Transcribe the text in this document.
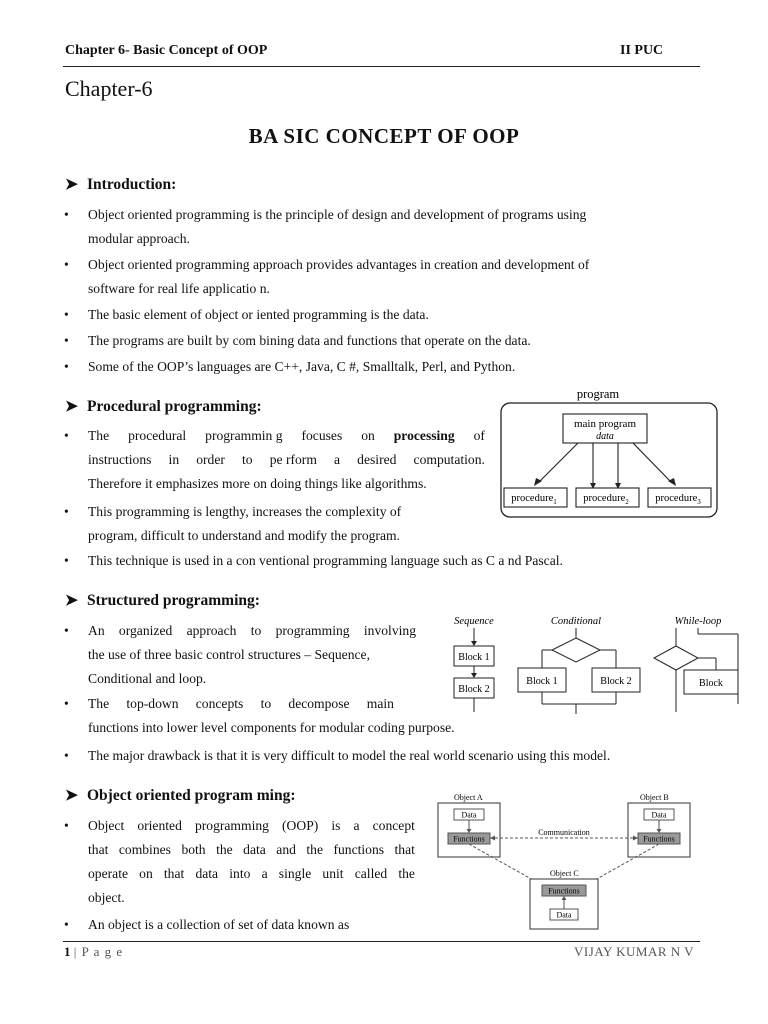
Chapter 6- Basic Concept of OOP	II PUC
Chapter-6
BA SIC CONCEPT OF OOP
➤ Introduction:
• Object oriented programming is the principle of design and development of programs using
modular approach.
• Object oriented programming approach provides advantages in creation and development of
software for real life applicatio n.
• The basic element of object or iented programming is the data.
• The programs are built by com bining data and functions that operate on the data.
• Some of the OOP’s languages are C++, Java, C #, Smalltalk, Perl, and Python.
➤ Procedural programming:
• The procedural programmin g focuses on processing of
instructions in order to pe rform a desired computation.
Therefore it emphasizes more on doing things like algorithms.
• This programming is lengthy, increases the complexity of
program, difficult to understand and modify the program.
• This technique is used in a con ventional programming language such as C a nd Pascal.
program
main program
data
procedure$_1$	procedure$_2$	procedure$_3$
➤ Structured programming:
• An organized approach to programming involving
the use of three basic control structures – Sequence,
Conditional and loop.
• The top-down concepts to decompose main
functions into lower level components for modular coding purpose.
• The major drawback is that it is very difficult to model the real world scenario using this model.
Sequence	Conditional	While-loop
Block 1
Block 2
Block 1	Block 2	Block
➤ Object oriented program ming:
• Object oriented programming (OOP) is a concept
that combines both the data and the functions that
operate on that data into a single unit called the
object.
• An object is a collection of set of data known as
Object A	Object B
Data
Functions
Data
Functions
Communication
Object C
Functions
Data
1 | P a g e	VIJAY KUMAR N V
